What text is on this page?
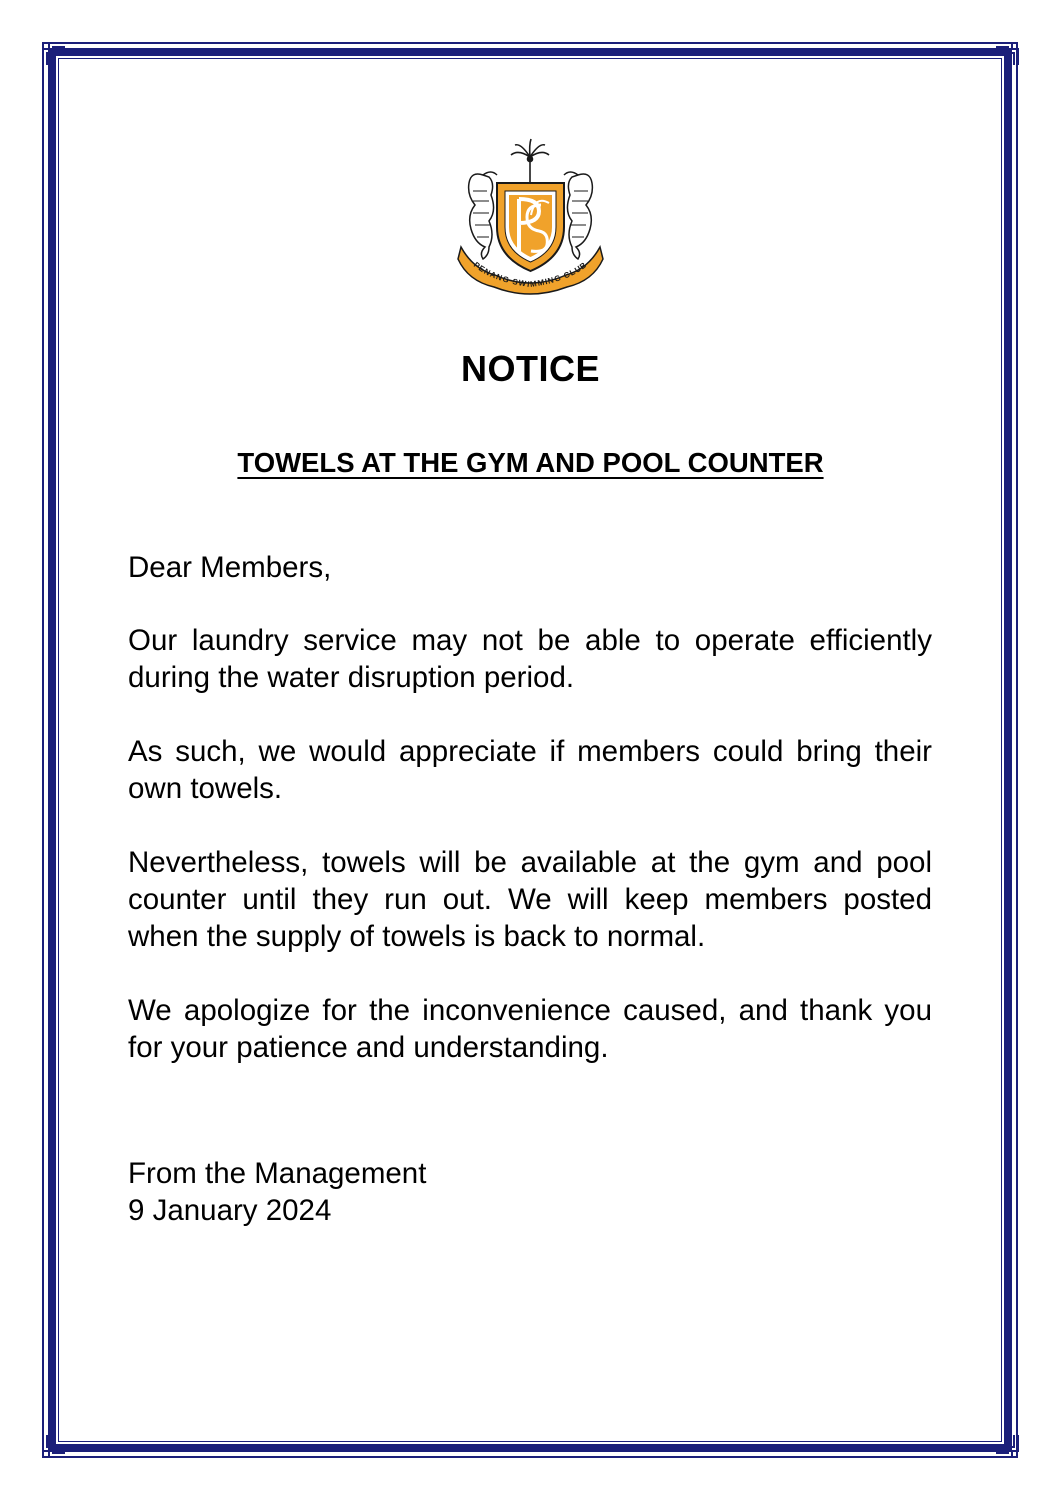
PENANG SWIMMING CLUB
NOTICE
TOWELS AT THE GYM AND POOL COUNTER

Dear Members,

Our laundry service may not be able to operate efficiently during the water disruption period.

As such, we would appreciate if members could bring their own towels.

Nevertheless, towels will be available at the gym and pool counter until they run out. We will keep members posted when the supply of towels is back to normal.

We apologize for the inconvenience caused, and thank you for your patience and understanding.

From the Management

9 January 2024
